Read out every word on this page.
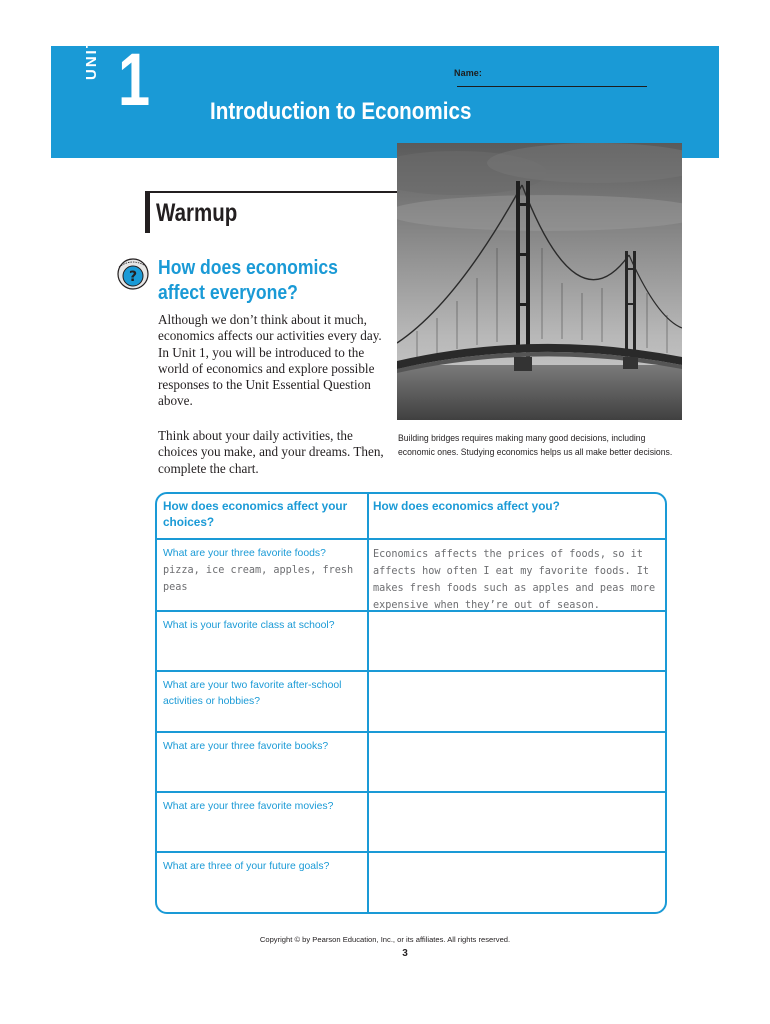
Name:
UNIT 1 Introduction to Economics
Building bridges requires making many good decisions, including economic ones. Studying economics helps us all make better decisions.
Warmup
? How does economics
affect everyone?
Although we don’t think about it much, economics affects our activities every day. In Unit 1, you will be introduced to the world of economics and explore possible responses to the Unit Essential Question above.
Think about your daily activities, the choices you make, and your dreams. Then, complete the chart.
How does economics affect your choices?
How does economics affect you?
What are your three favorite foods?
pizza, ice cream, apples, fresh peas
Economics affects the prices of foods, so it affects how often I eat my favorite foods. It makes fresh foods such as apples and peas more expensive when they’re out of season.
What is your favorite class at school?
What are your two favorite after-school activities or hobbies?
What are your three favorite books?
What are your three favorite movies?
What are three of your future goals?
Copyright © by Pearson Education, Inc., or its affiliates. All rights reserved.
3
